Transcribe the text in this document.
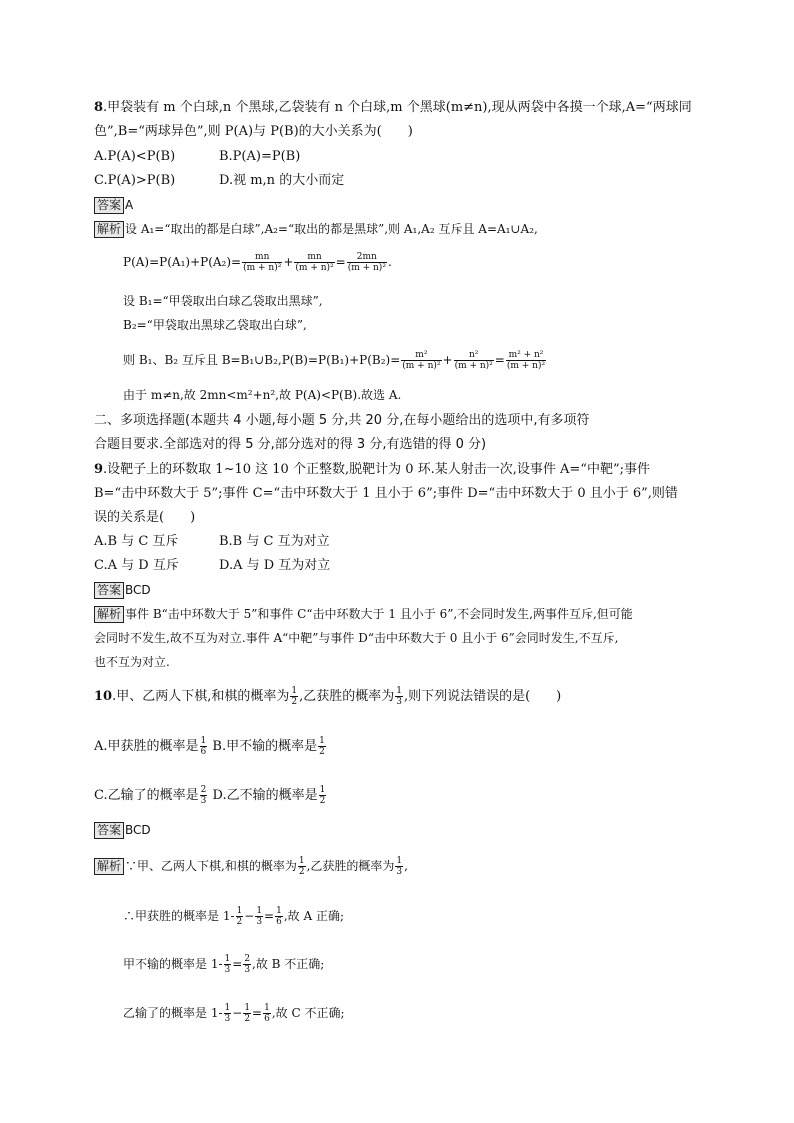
8.甲袋装有 m 个白球,n 个黑球,乙袋装有 n 个白球,m 个黑球(m≠n),现从两袋中各摸一个球,A=“两球同
色”,B=“两球异色”,则 P(A)与 P(B)的大小关系为(　　)
A.P(A)<P(B)	B.P(A)=P(B)
C.P(A)>P(B)	D.视 m,n 的大小而定
答案 A
解析 设 A₁=“取出的都是白球”,A₂=“取出的都是黑球”,则 A₁,A₂ 互斥且 A=A₁∪A₂,
$P(A)=P(A_1)+P(A_2)= \frac{mn}{\text{(m + n)²}} + \frac{mn}{\text{(m + n)²}} = \frac{2mn}{\text{(m + n)²}}$ .
设 B₁=“甲袋取出白球乙袋取出黑球”,
B₂=“甲袋取出黑球乙袋取出白球”,
则 B₁、B₂ 互斥且 B=B₁∪B₂,P(B)=P(B₁)+P(B₂)= $\frac{\text{m²}}{\text{(m + n)²}} + \frac{\text{n²}}{\text{(m + n)²}} = \frac{\text{m² + n²}}{\text{(m + n)²}}$
由于 m≠n,故 2mn<m²+n²,故 P(A)<P(B).故选 A.
二、多项选择题(本题共 4 小题,每小题 5 分,共 20 分,在每小题给出的选项中,有多项符
合题目要求.全部选对的得 5 分,部分选对的得 3 分,有选错的得 0 分)
9.设靶子上的环数取 1~10 这 10 个正整数,脱靶计为 0 环.某人射击一次,设事件 A=“中靶”;事件
B=“击中环数大于 5”;事件 C=“击中环数大于 1 且小于 6”;事件 D=“击中环数大于 0 且小于 6”,则错
误的关系是(　　)
A.B 与 C 互斥	B.B 与 C 互为对立
C.A 与 D 互斥	D.A 与 D 互为对立
答案 BCD
解析 事件 B“击中环数大于 5”和事件 C“击中环数大于 1 且小于 6”,不会同时发生,两事件互斥,但可能
会同时不发生,故不互为对立.事件 A“中靶”与事件 D“击中环数大于 0 且小于 6”会同时发生,不互斥,
也不互为对立.
10.甲、乙两人下棋,和棋的概率为 $\frac{1}{2}$ ,乙获胜的概率为 $\frac{1}{3}$ ,则下列说法错误的是(　　)
A.甲获胜的概率是 $\frac{1}{6} B$.甲不输的概率是 $\frac{1}{2}$
C.乙输了的概率是 $\frac{2}{3} D$.乙不输的概率是 $\frac{1}{2}$
答案 BCD
解析 ∵甲、乙两人下棋,和棋的概率为 $\frac{1}{2}$ ,乙获胜的概率为 $\frac{1}{3}$ ,
∴甲获胜的概率是 $1- \frac{1}{2} - \frac{1}{3} = \frac{1}{6}$ ,故 A 正确;
甲不输的概率是 $1- \frac{1}{3} = \frac{2}{3}$ ,故 B 不正确;
乙输了的概率是 $1- \frac{1}{3} - \frac{1}{2} = \frac{1}{6}$ ,故 C 不正确;
